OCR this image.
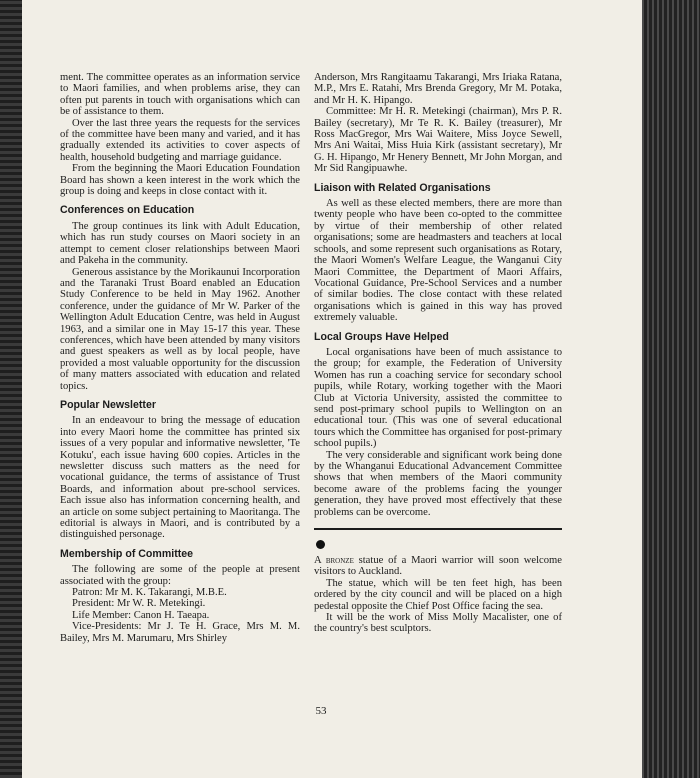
ment. The committee operates as an information service to Maori families, and when problems arise, they can often put parents in touch with organisations which can be of assistance to them.

Over the last three years the requests for the services of the committee have been many and varied, and it has gradually extended its activities to cover aspects of health, household budgeting and marriage guidance.

From the beginning the Maori Education Foundation Board has shown a keen interest in the work which the group is doing and keeps in close contact with it.

Conferences on Education

The group continues its link with Adult Education, which has run study courses on Maori society in an attempt to cement closer relationships between Maori and Pakeha in the community.

Generous assistance by the Morikaunui Incorporation and the Taranaki Trust Board enabled an Education Study Conference to be held in May 1962. Another conference, under the guidance of Mr W. Parker of the Wellington Adult Education Centre, was held in August 1963, and a similar one in May 15-17 this year. These conferences, which have been attended by many visitors and guest speakers as well as by local people, have provided a most valuable opportunity for the discussion of many matters associated with education and related topics.

Popular Newsletter

In an endeavour to bring the message of education into every Maori home the committee has printed six issues of a very popular and informative newsletter, 'Te Kotuku', each issue having 600 copies. Articles in the newsletter discuss such matters as the need for vocational guidance, the terms of assistance of Trust Boards, and information about pre-school services. Each issue also has information concerning health, and an article on some subject pertaining to Maoritanga. The editorial is always in Maori, and is contributed by a distinguished personage.

Membership of Committee

The following are some of the people at present associated with the group:

Patron: Mr M. K. Takarangi, M.B.E.

President: Mr W. R. Metekingi.

Life Member: Canon H. Taeapa.

Vice-Presidents: Mr J. Te H. Grace, Mrs M. M. Bailey, Mrs M. Marumaru, Mrs Shirley

Anderson, Mrs Rangitaamu Takarangi, Mrs Iriaka Ratana, M.P., Mrs E. Ratahi, Mrs Brenda Gregory, Mr M. Potaka, and Mr H. K. Hipango.

Committee: Mr H. R. Metekingi (chairman), Mrs P. R. Bailey (secretary), Mr Te R. K. Bailey (treasurer), Mr Ross MacGregor, Mrs Wai Waitere, Miss Joyce Sewell, Mrs Ani Waitai, Miss Huia Kirk (assistant secretary), Mr G. H. Hipango, Mr Henery Bennett, Mr John Morgan, and Mr Sid Rangipuawhe.

Liaison with Related Organisations

As well as these elected members, there are more than twenty people who have been co-opted to the committee by virtue of their membership of other related organisations; some are headmasters and teachers at local schools, and some represent such organisations as Rotary, the Maori Women's Welfare League, the Wanganui City Maori Committee, the Department of Maori Affairs, Vocational Guidance, Pre-School Services and a number of similar bodies. The close contact with these related organisations which is gained in this way has proved extremely valuable.

Local Groups Have Helped

Local organisations have been of much assistance to the group; for example, the Federation of University Women has run a coaching service for secondary school pupils, while Rotary, working together with the Maori Club at Victoria University, assisted the committee to send post-primary school pupils to Wellington on an educational tour. (This was one of several educational tours which the Committee has organised for post-primary school pupils.)

The very considerable and significant work being done by the Whanganui Educational Advancement Committee shows that when members of the Maori community become aware of the problems facing the younger generation, they have proved most effectively that these problems can be overcome.

A bronze statue of a Maori warrior will soon welcome visitors to Auckland.

The statue, which will be ten feet high, has been ordered by the city council and will be placed on a high pedestal opposite the Chief Post Office facing the sea.

It will be the work of Miss Molly Macalister, one of the country's best sculptors.

53
